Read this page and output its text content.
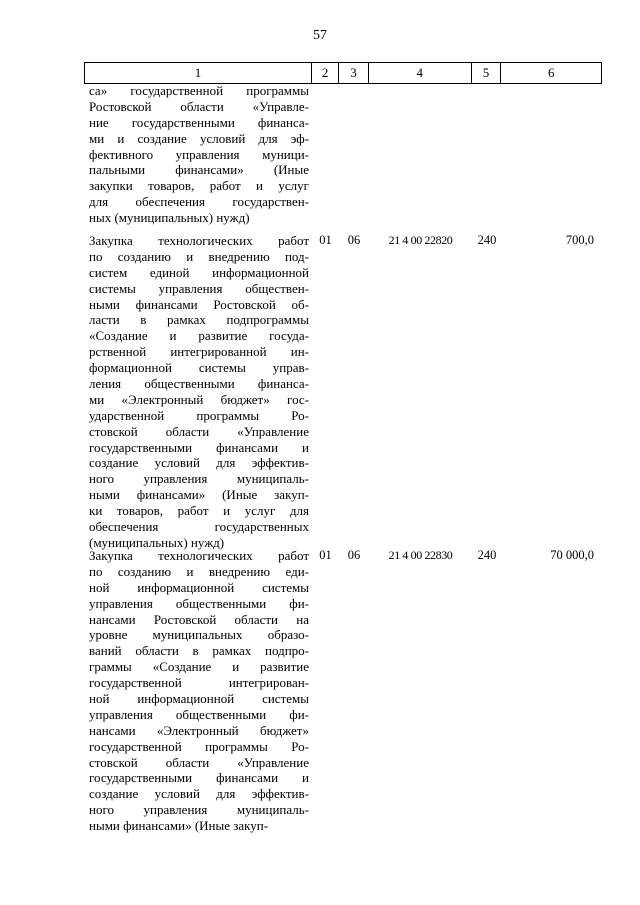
57
1	2	3	4	5	6
са» государственной программы
Ростовской области «Управле-
ние государственными финанса-
ми и создание условий для эф-
фективного управления муници-
пальными финансами» (Иные
закупки товаров, работ и услуг
для обеспечения государствен-
ных (муниципальных) нужд)
Закупка технологических работ
по созданию и внедрению под-
систем единой информационной
системы управления обществен-
ными финансами Ростовской об-
ласти в рамках подпрограммы
«Создание и развитие госуда-
рственной интегрированной ин-
формационной системы управ-
ления общественными финанса-
ми «Электронный бюджет» гос-
ударственной программы Ро-
стовской области «Управление
государственными финансами и
создание условий для эффектив-
ного управления муниципаль-
ными финансами» (Иные закуп-
ки товаров, работ и услуг для
обеспечения государственных
(муниципальных) нужд)
01	06	21 4 00 22820	240	700,0
Закупка технологических работ
по созданию и внедрению еди-
ной информационной системы
управления общественными фи-
нансами Ростовской области на
уровне муниципальных образо-
ваний области в рамках подпро-
граммы «Создание и развитие
государственной интегрирован-
ной информационной системы
управления общественными фи-
нансами «Электронный бюджет»
государственной программы Ро-
стовской области «Управление
государственными финансами и
создание условий для эффектив-
ного управления муниципаль-
ными финансами» (Иные закуп-
01	06	21 4 00 22830	240	70 000,0
